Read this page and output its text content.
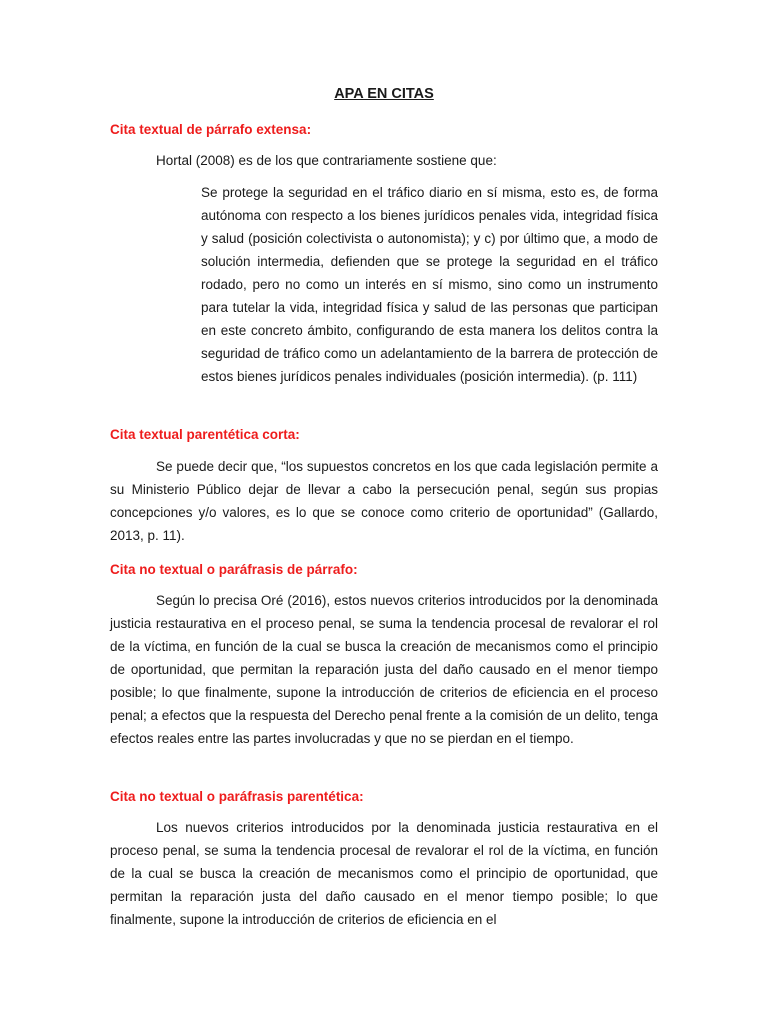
APA EN CITAS
Cita textual de párrafo extensa:
Hortal (2008) es de los que contrariamente sostiene que:

Se protege la seguridad en el tráfico diario en sí misma, esto es, de forma autónoma con respecto a los bienes jurídicos penales vida, integridad física y salud (posición colectivista o autonomista); y c) por último que, a modo de solución intermedia, defienden que se protege la seguridad en el tráfico rodado, pero no como un interés en sí mismo, sino como un instrumento para tutelar la vida, integridad física y salud de las personas que participan en este concreto ámbito, configurando de esta manera los delitos contra la seguridad de tráfico como un adelantamiento de la barrera de protección de estos bienes jurídicos penales individuales (posición intermedia). (p. 111)

Cita textual parentética corta:

Se puede decir que, “los supuestos concretos en los que cada legislación permite a su Ministerio Público dejar de llevar a cabo la persecución penal, según sus propias concepciones y/o valores, es lo que se conoce como criterio de oportunidad” (Gallardo, 2013, p. 11).

Cita no textual o paráfrasis de párrafo:

Según lo precisa Oré (2016), estos nuevos criterios introducidos por la denominada justicia restaurativa en el proceso penal, se suma la tendencia procesal de revalorar el rol de la víctima, en función de la cual se busca la creación de mecanismos como el principio de oportunidad, que permitan la reparación justa del daño causado en el menor tiempo posible; lo que finalmente, supone la introducción de criterios de eficiencia en el proceso penal; a efectos que la respuesta del Derecho penal frente a la comisión de un delito, tenga efectos reales entre las partes involucradas y que no se pierdan en el tiempo.

Cita no textual o paráfrasis parentética:

Los nuevos criterios introducidos por la denominada justicia restaurativa en el proceso penal, se suma la tendencia procesal de revalorar el rol de la víctima, en función de la cual se busca la creación de mecanismos como el principio de oportunidad, que permitan la reparación justa del daño causado en el menor tiempo posible; lo que finalmente, supone la introducción de criterios de eficiencia en el
